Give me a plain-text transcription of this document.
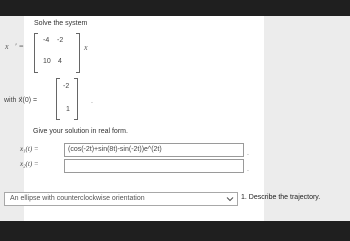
Solve the system
x⃗′ =
-4 -2
10 4
x⃗
with x⃗(0) =
-2
1
.
Give your solution in real form.
x₁(t) =	(cos(-2t)+sin(8t)-sin(-2t))e^(2t)
.
x₂(t) =
.
An ellipse with counterclockwise orientation	1. Describe the trajectory.
